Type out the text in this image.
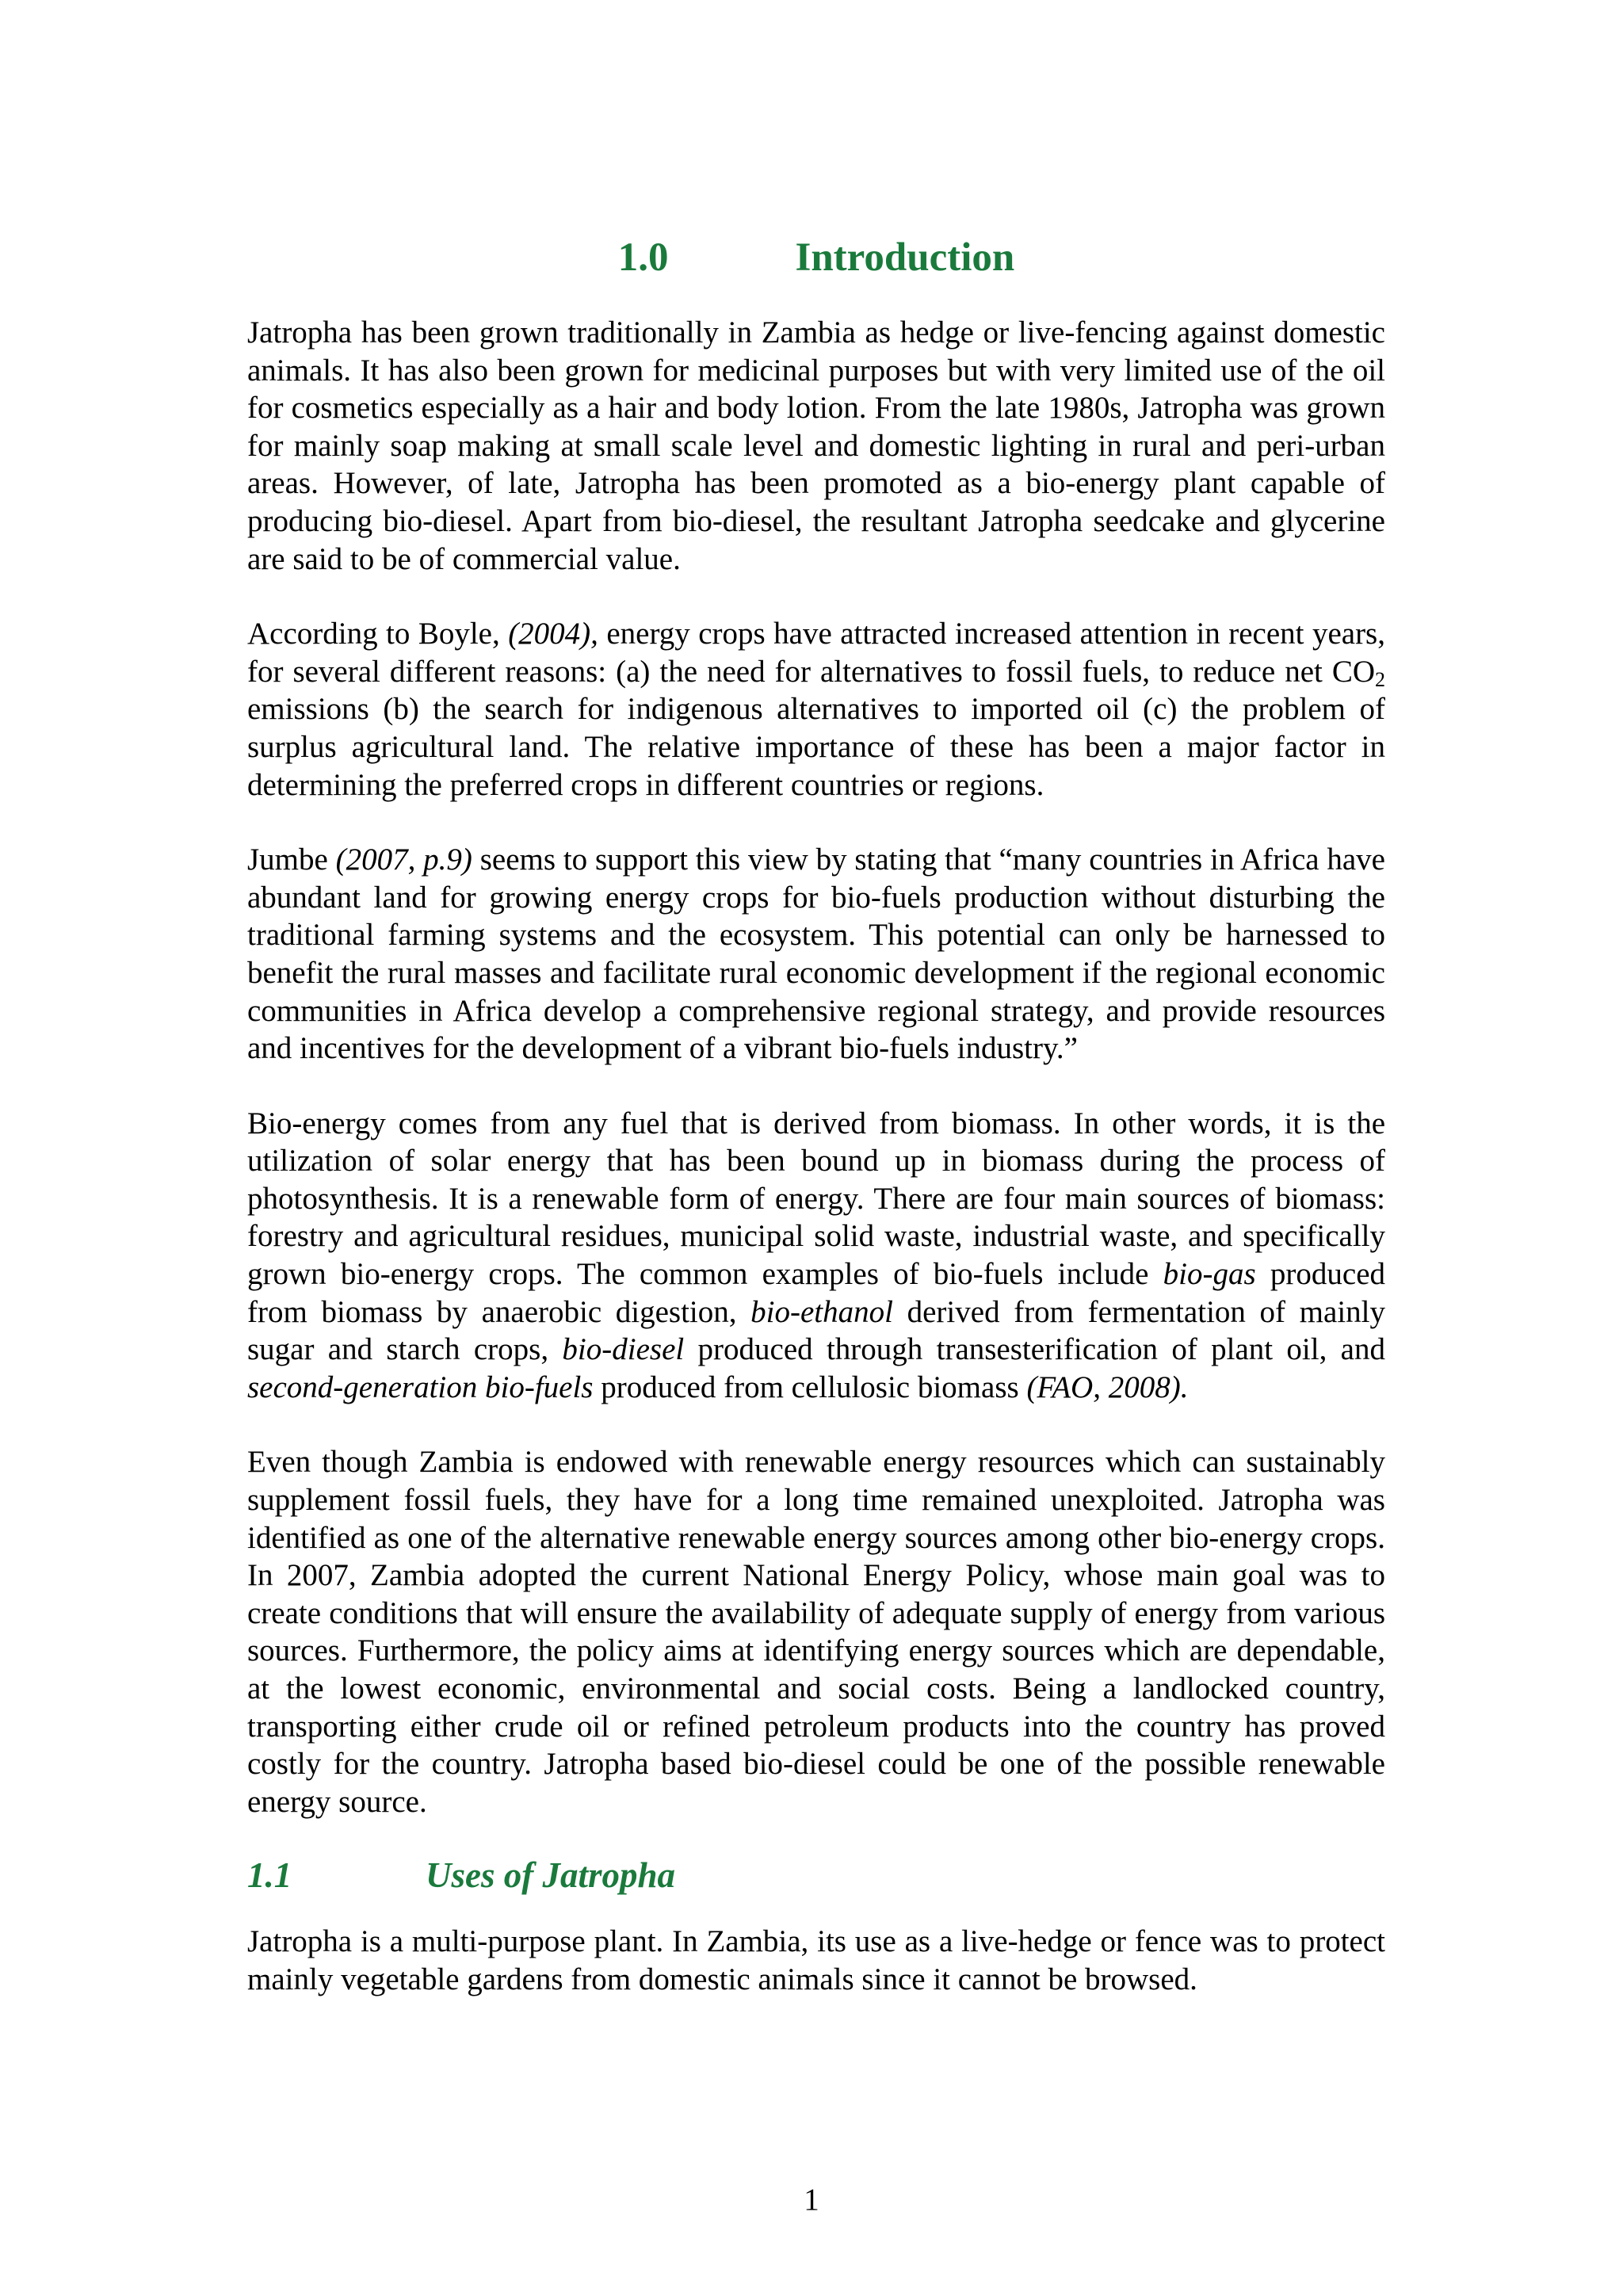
1.0	Introduction

Jatropha has been grown traditionally in Zambia as hedge or live-fencing against domestic animals. It has also been grown for medicinal purposes but with very limited use of the oil for cosmetics especially as a hair and body lotion. From the late 1980s, Jatropha was grown for mainly soap making at small scale level and domestic lighting in rural and peri-urban areas. However, of late, Jatropha has been promoted as a bio-energy plant capable of producing bio-diesel. Apart from bio-diesel, the resultant Jatropha seedcake and glycerine are said to be of commercial value.

According to Boyle, (2004), energy crops have attracted increased attention in recent years, for several different reasons: (a) the need for alternatives to fossil fuels, to reduce net $CO_2$ emissions (b) the search for indigenous alternatives to imported oil (c) the problem of surplus agricultural land. The relative importance of these has been a major factor in determining the preferred crops in different countries or regions.

Jumbe (2007, p.9) seems to support this view by stating that “many countries in Africa have abundant land for growing energy crops for bio-fuels production without disturbing the traditional farming systems and the ecosystem. This potential can only be harnessed to benefit the rural masses and facilitate rural economic development if the regional economic communities in Africa develop a comprehensive regional strategy, and provide resources and incentives for the development of a vibrant bio-fuels industry.”

Bio-energy comes from any fuel that is derived from biomass. In other words, it is the utilization of solar energy that has been bound up in biomass during the process of photosynthesis. It is a renewable form of energy. There are four main sources of biomass: forestry and agricultural residues, municipal solid waste, industrial waste, and specifically grown bio-energy crops. The common examples of bio-fuels include bio-gas produced from biomass by anaerobic digestion, bio-ethanol derived from fermentation of mainly sugar and starch crops, bio-diesel produced through transesterification of plant oil, and second-generation bio-fuels produced from cellulosic biomass (FAO, 2008).

Even though Zambia is endowed with renewable energy resources which can sustainably supplement fossil fuels, they have for a long time remained unexploited. Jatropha was identified as one of the alternative renewable energy sources among other bio-energy crops. In 2007, Zambia adopted the current National Energy Policy, whose main goal was to create conditions that will ensure the availability of adequate supply of energy from various sources. Furthermore, the policy aims at identifying energy sources which are dependable, at the lowest economic, environmental and social costs. Being a landlocked country, transporting either crude oil or refined petroleum products into the country has proved costly for the country. Jatropha based bio-diesel could be one of the possible renewable energy source.

1.1	Uses of Jatropha

Jatropha is a multi-purpose plant. In Zambia, its use as a live-hedge or fence was to protect mainly vegetable gardens from domestic animals since it cannot be browsed.

1
